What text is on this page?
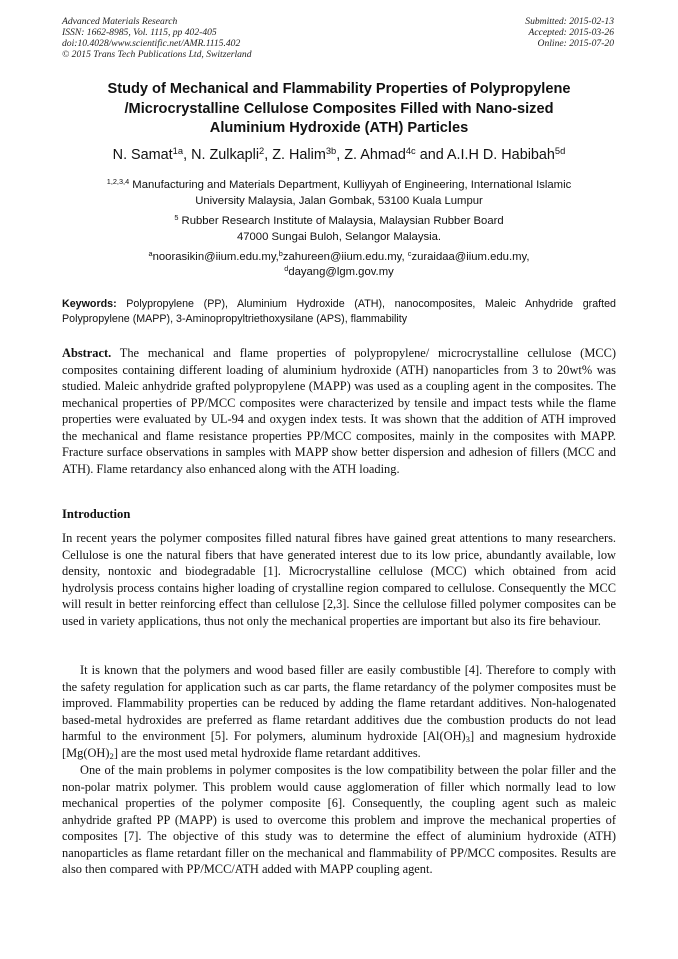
Advanced Materials Research
ISSN: 1662-8985, Vol. 1115, pp 402-405
doi:10.4028/www.scientific.net/AMR.1115.402
© 2015 Trans Tech Publications Ltd, Switzerland
Submitted: 2015-02-13
Accepted: 2015-03-26
Online: 2015-07-20
Study of Mechanical and Flammability Properties of Polypropylene
/Microcrystalline Cellulose Composites Filled with Nano-sized
Aluminium Hydroxide (ATH) Particles
N. Samat$^{1a}$, N. Zulkapli$^2$, Z. Halim$^{3b}$, Z. Ahmad$^{4c}$ and A.I.H D. Habibah$^{5d}$
$^{1,2,3,4}$ Manufacturing and Materials Department, Kulliyyah of Engineering, International Islamic
University Malaysia, Jalan Gombak, 53100 Kuala Lumpur
$^5$ Rubber Research Institute of Malaysia, Malaysian Rubber Board
47000 Sungai Buloh, Selangor Malaysia.
$^a$noorasikin@iium.edu.my,$^b$zahureen@iium.edu.my, $^c$zuraidaa@iium.edu.my,
$^d$dayang@lgm.gov.my
Keywords: Polypropylene (PP), Aluminium Hydroxide (ATH), nanocomposites, Maleic Anhydride grafted Polypropylene (MAPP), 3-Aminopropyltriethoxysilane (APS), flammability
Abstract. The mechanical and flame properties of polypropylene/ microcrystalline cellulose (MCC) composites containing different loading of aluminium hydroxide (ATH) nanoparticles from 3 to 20wt% was studied. Maleic anhydride grafted polypropylene (MAPP) was used as a coupling agent in the composites. The mechanical properties of PP/MCC composites were characterized by tensile and impact tests while the flame properties were evaluated by UL-94 and oxygen index tests. It was shown that the addition of ATH improved the mechanical and flame resistance properties PP/MCC composites, mainly in the composites with MAPP. Fracture surface observations in samples with MAPP show better dispersion and adhesion of fillers (MCC and ATH). Flame retardancy also enhanced along with the ATH loading.
Introduction

In recent years the polymer composites filled natural fibres have gained great attentions to many researchers. Cellulose is one the natural fibers that have generated interest due to its low price, abundantly available, low density, nontoxic and biodegradable [1]. Microcrystalline cellulose (MCC) which obtained from acid hydrolysis process contains higher loading of crystalline region compared to cellulose. Consequently the MCC will result in better reinforcing effect than cellulose [2,3]. Since the cellulose filled polymer composites can be used in variety applications, thus not only the mechanical properties are important but also its fire behaviour.

It is known that the polymers and wood based filler are easily combustible [4]. Therefore to comply with the safety regulation for application such as car parts, the flame retardancy of the polymer composites must be improved. Flammability properties can be reduced by adding the flame retardant additives. Non-halogenated based-metal hydroxides are preferred as flame retardant additives due the combustion products do not lead harmful to the environment [5]. For polymers, aluminum hydroxide $[Al(OH)_3]$ and magnesium hydroxide $[Mg(OH)_2]$ are the most used metal hydroxide flame retardant additives.

One of the main problems in polymer composites is the low compatibility between the polar filler and the non-polar matrix polymer. This problem would cause agglomeration of filler which normally lead to low mechanical properties of the polymer composite [6]. Consequently, the coupling agent such as maleic anhydride grafted PP (MAPP) is used to overcome this problem and improve the mechanical properties of composites [7]. The objective of this study was to determine the effect of aluminium hydroxide (ATH) nanoparticles as flame retardant filler on the mechanical and flammability of PP/MCC composites. Results are also then compared with PP/MCC/ATH added with MAPP coupling agent.
